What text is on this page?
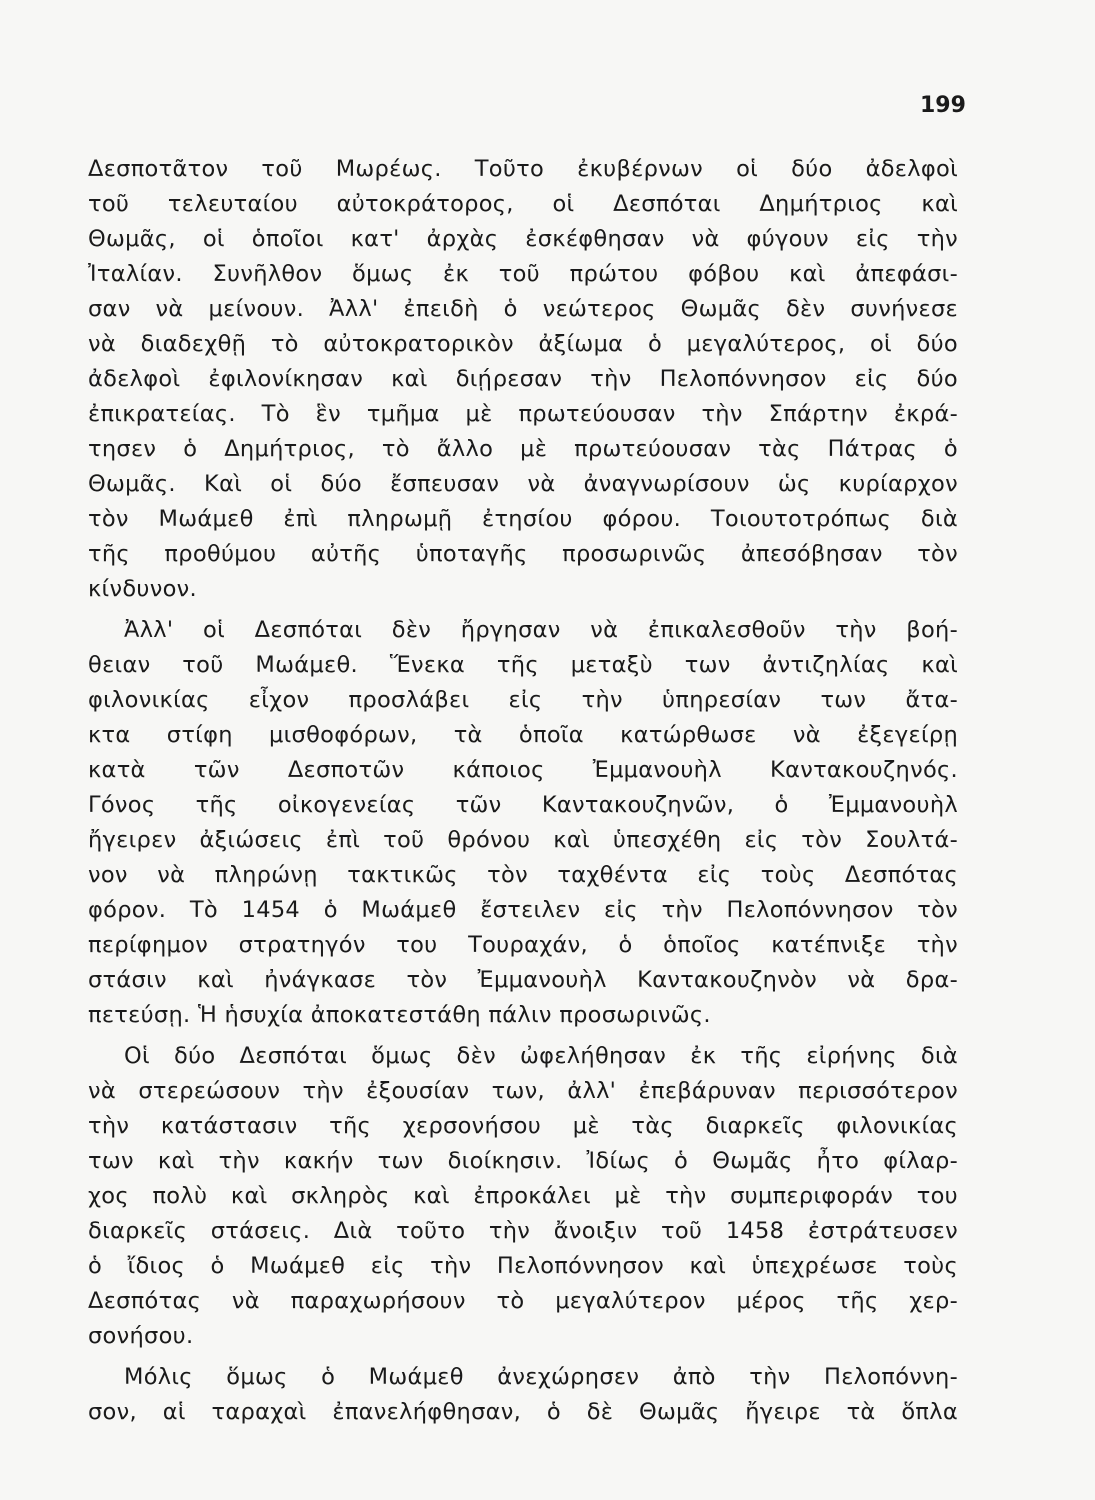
199
Δεσποτᾶτον τοῦ Μωρέως. Τοῦτο ἐκυβέρνων οἱ δύο ἀδελφοὶ
τοῦ τελευταίου αὐτοκράτορος, οἱ Δεσπόται Δημήτριος καὶ
Θωμᾶς, οἱ ὁποῖοι κατ' ἀρχὰς ἐσκέφθησαν νὰ φύγουν εἰς τὴν
Ἰταλίαν. Συνῆλθον ὅμως ἐκ τοῦ πρώτου φόβου καὶ ἀπεφάσι-
σαν νὰ μείνουν. Ἀλλ' ἐπειδὴ ὁ νεώτερος Θωμᾶς δὲν συνήνεσε
νὰ διαδεχθῇ τὸ αὐτοκρατορικὸν ἀξίωμα ὁ μεγαλύτερος, οἱ δύο
ἀδελφοὶ ἐφιλονίκησαν καὶ διῄρεσαν τὴν Πελοπόννησον εἰς δύο
ἐπικρατείας. Τὸ ἓν τμῆμα μὲ πρωτεύουσαν τὴν Σπάρτην ἐκρά-
τησεν ὁ Δημήτριος, τὸ ἄλλο μὲ πρωτεύουσαν τὰς Πάτρας ὁ
Θωμᾶς. Καὶ οἱ δύο ἔσπευσαν νὰ ἀναγνωρίσουν ὡς κυρίαρχον
τὸν Μωάμεθ ἐπὶ πληρωμῇ ἐτησίου φόρου. Τοιουτοτρόπως διὰ
τῆς προθύμου αὐτῆς ὑποταγῆς προσωρινῶς ἀπεσόβησαν τὸν
κίνδυνον.
Ἀλλ' οἱ Δεσπόται δὲν ἤργησαν νὰ ἐπικαλεσθοῦν τὴν βοή-
θειαν τοῦ Μωάμεθ. Ἕνεκα τῆς μεταξὺ των ἀντιζηλίας καὶ
φιλονικίας εἶχον προσλάβει εἰς τὴν ὑπηρεσίαν των ἄτα-
κτα στίφη μισθοφόρων, τὰ ὁποῖα κατώρθωσε νὰ ἐξεγείρῃ
κατὰ τῶν Δεσποτῶν κάποιος Ἐμμανουὴλ Καντακουζηνός.
Γόνος τῆς οἰκογενείας τῶν Καντακουζηνῶν, ὁ Ἐμμανουὴλ
ἤγειρεν ἀξιώσεις ἐπὶ τοῦ θρόνου καὶ ὑπεσχέθη εἰς τὸν Σουλτά-
νον νὰ πληρώνῃ τακτικῶς τὸν ταχθέντα εἰς τοὺς Δεσπότας
φόρον. Τὸ 1454 ὁ Μωάμεθ ἔστειλεν εἰς τὴν Πελοπόννησον τὸν
περίφημον στρατηγόν του Τουραχάν, ὁ ὁποῖος κατέπνιξε τὴν
στάσιν καὶ ἠνάγκασε τὸν Ἐμμανουὴλ Καντακουζηνὸν νὰ δρα-
πετεύσῃ. Ἡ ἡσυχία ἀποκατεστάθη πάλιν προσωρινῶς.
Οἱ δύο Δεσπόται ὅμως δὲν ὠφελήθησαν ἐκ τῆς εἰρήνης διὰ
νὰ στερεώσουν τὴν ἐξουσίαν των, ἀλλ' ἐπεβάρυναν περισσότερον
τὴν κατάστασιν τῆς χερσονήσου μὲ τὰς διαρκεῖς φιλονικίας
των καὶ τὴν κακήν των διοίκησιν. Ἰδίως ὁ Θωμᾶς ἦτο φίλαρ-
χος πολὺ καὶ σκληρὸς καὶ ἐπροκάλει μὲ τὴν συμπεριφοράν του
διαρκεῖς στάσεις. Διὰ τοῦτο τὴν ἄνοιξιν τοῦ 1458 ἐστράτευσεν
ὁ ἴδιος ὁ Μωάμεθ εἰς τὴν Πελοπόννησον καὶ ὑπεχρέωσε τοὺς
Δεσπότας νὰ παραχωρήσουν τὸ μεγαλύτερον μέρος τῆς χερ-
σονήσου.
Μόλις ὅμως ὁ Μωάμεθ ἀνεχώρησεν ἀπὸ τὴν Πελοπόννη-
σον, αἱ ταραχαὶ ἐπανελήφθησαν, ὁ δὲ Θωμᾶς ἤγειρε τὰ ὅπλα
